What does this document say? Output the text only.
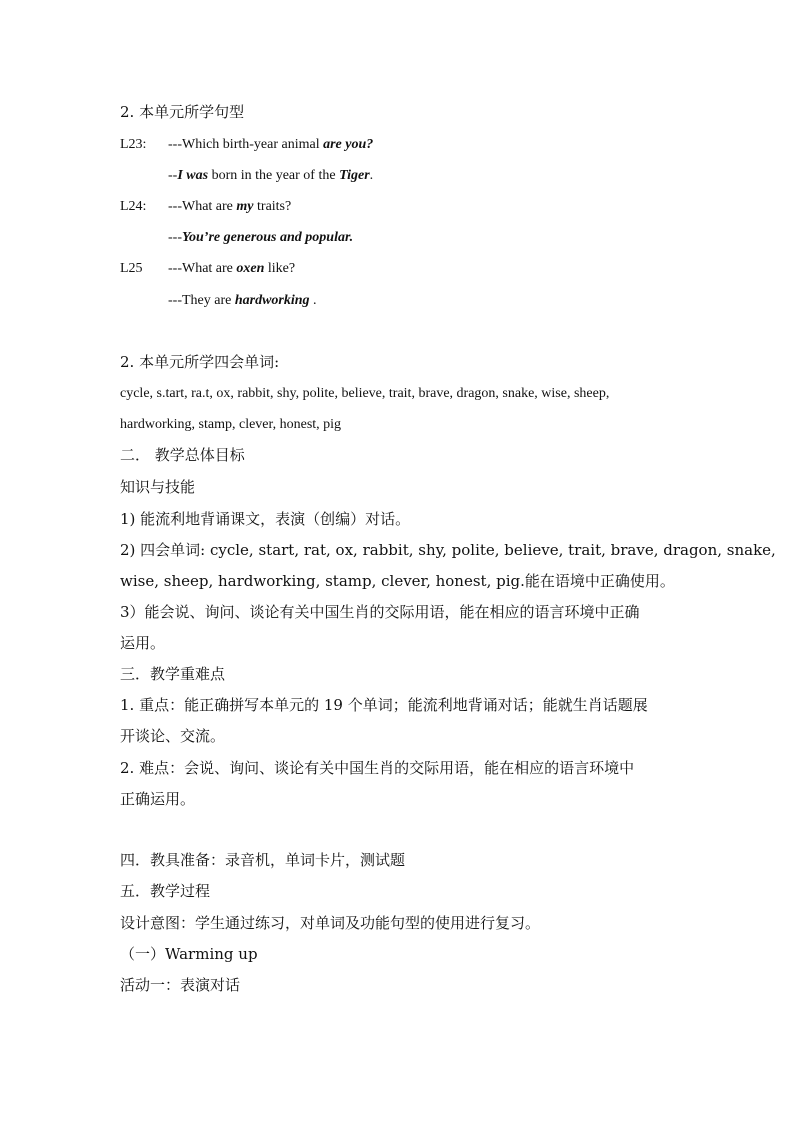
2. 本单元所学句型
L23: ---Which birth-year animal are you?
--I was born in the year of the Tiger.
L24: ---What are my traits?
---You’re generous and popular.
L25 ---What are oxen like?
---They are hardworking .
2. 本单元所学四会单词:
cycle, s.tart, ra.t, ox, rabbit, shy, polite, believe, trait, brave, dragon, snake, wise, sheep,
hardworking, stamp, clever, honest, pig
二． 教学总体目标
知识与技能
1) 能流利地背诵课文，表演（创编）对话。
2) 四会单词: cycle, start, rat, ox, rabbit, shy, polite, believe, trait, brave, dragon, snake,
wise, sheep, hardworking, stamp, clever, honest, pig.能在语境中正确使用。
3）能会说、询问、谈论有关中国生肖的交际用语，能在相应的语言环境中正确
运用。
三．教学重难点
1. 重点：能正确拼写本单元的 19 个单词；能流利地背诵对话；能就生肖话题展
开谈论、交流。
2. 难点：会说、询问、谈论有关中国生肖的交际用语，能在相应的语言环境中
正确运用。
四．教具准备：录音机，单词卡片，测试题
五．教学过程
设计意图：学生通过练习，对单词及功能句型的使用进行复习。
（一）Warming up
活动一：表演对话
